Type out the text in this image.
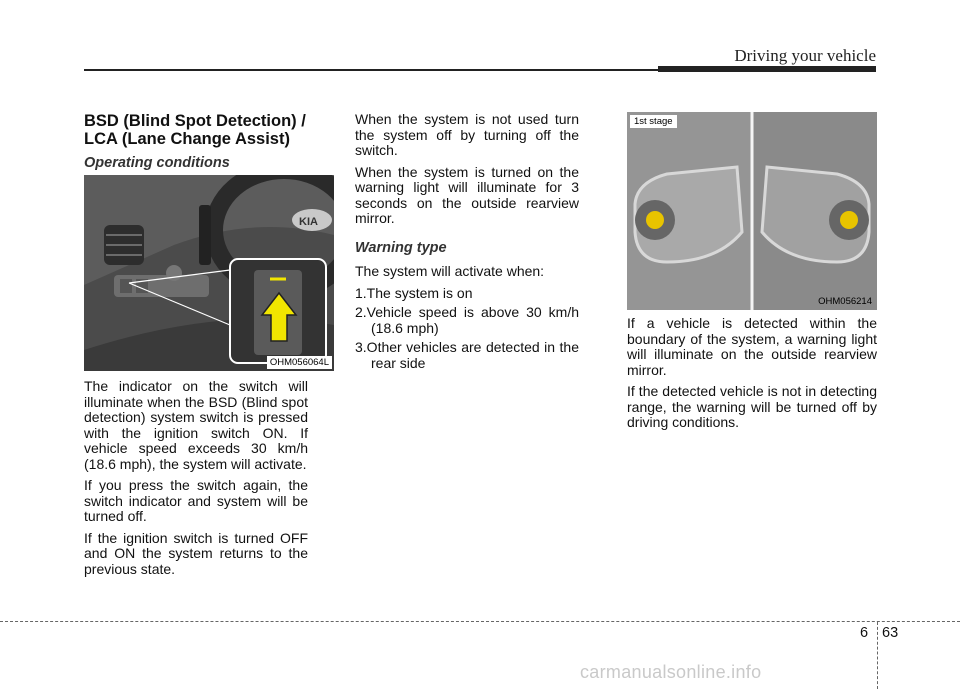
Driving your vehicle
BSD (Blind Spot Detection) / LCA (Lane Change Assist)
Operating conditions
KIA
OHM056064L

The indicator on the switch will illuminate when the BSD (Blind spot detection) system switch is pressed with the ignition switch ON. If vehicle speed exceeds 30 km/h (18.6 mph), the system will activate.

If you press the switch again, the switch indicator and system will be turned off.

If the ignition switch is turned OFF and ON the system returns to the previous state.

When the system is not used turn the system off by turning off the switch.

When the system is turned on the warning light will illuminate for 3 seconds on the outside rearview mirror.

Warning type

The system will activate when:

1.The system is on
2.Vehicle speed is above 30 km/h (18.6 mph)
3.Other vehicles are detected in the rear side
1st stage
OHM056214

If a vehicle is detected within the boundary of the system, a warning light will illuminate on the outside rearview mirror.

If the detected vehicle is not in detecting range, the warning will be turned off by driving conditions.

6 63
carmanualsonline.info
